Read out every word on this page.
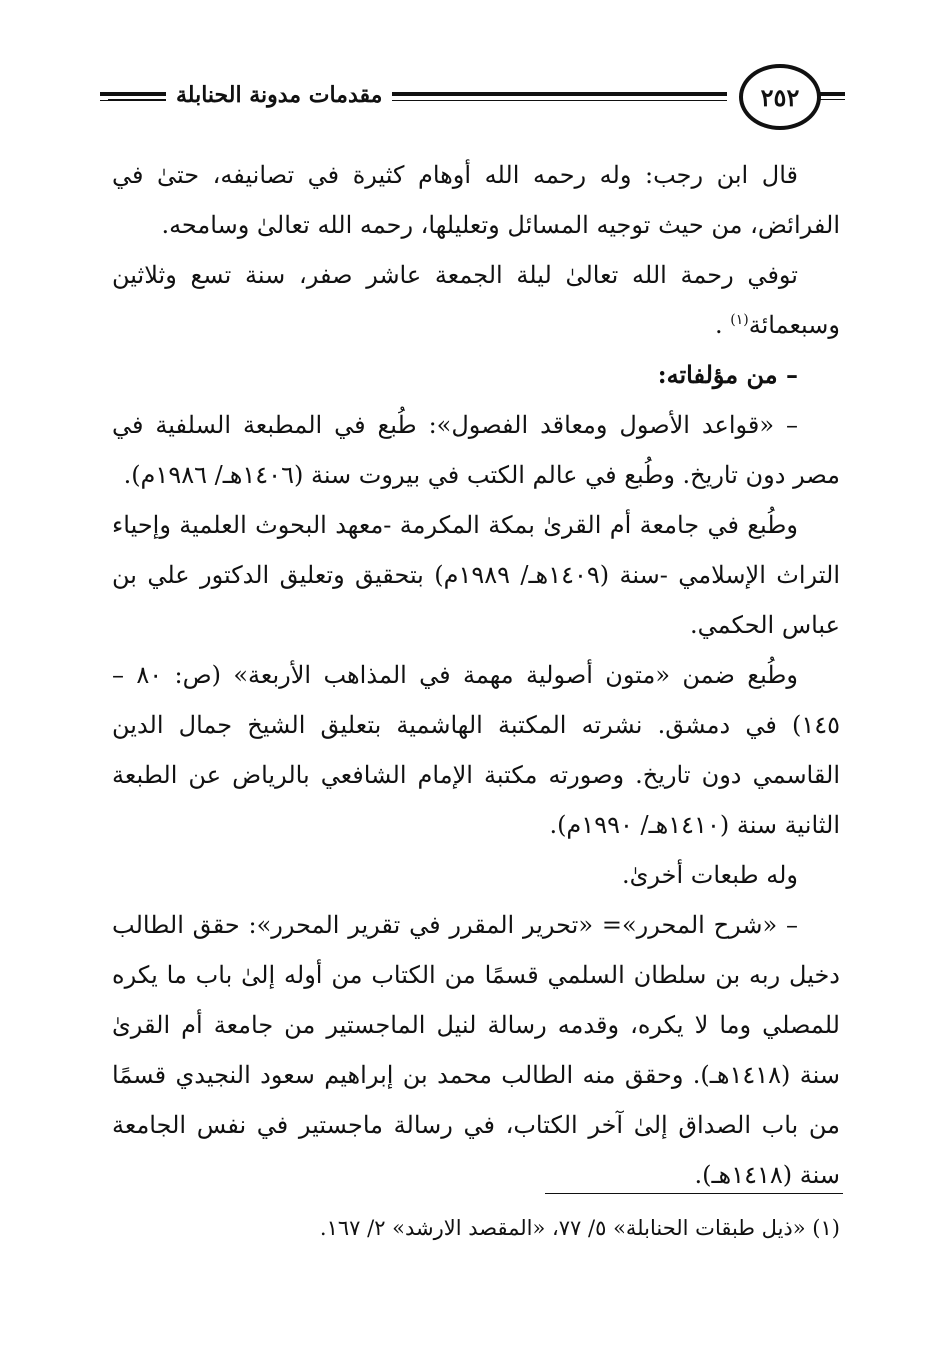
مقدمات مدونة الحنابلة	٢٥٢

قال ابن رجب: وله رحمه الله أوهام كثيرة في تصانيفه، حتىٰ في الفرائض، من حيث توجيه المسائل وتعليلها، رحمه الله تعالىٰ وسامحه.

توفي رحمة الله تعالىٰ ليلة الجمعة عاشر صفر، سنة تسع وثلاثين وسبعمائة$^{(١)}$ .

– من مؤلفاته:

– «قواعد الأصول ومعاقد الفصول»: طُبع في المطبعة السلفية في مصر دون تاريخ. وطُبع في عالم الكتب في بيروت سنة (١٤٠٦هـ/ ١٩٨٦م).

وطُبع في جامعة أم القرىٰ بمكة المكرمة -معهد البحوث العلمية وإحياء التراث الإسلامي -سنة (١٤٠٩هـ/ ١٩٨٩م) بتحقيق وتعليق الدكتور علي بن عباس الحكمي.

وطُبع ضمن «متون أصولية مهمة في المذاهب الأربعة» (ص: ٨٠ – ١٤٥) في دمشق. نشرته المكتبة الهاشمية بتعليق الشيخ جمال الدين القاسمي دون تاريخ. وصورته مكتبة الإمام الشافعي بالرياض عن الطبعة الثانية سنة (١٤١٠هـ/ ١٩٩٠م).

وله طبعات أخرىٰ.

– «شرح المحرر»= «تحرير المقرر في تقرير المحرر»: حقق الطالب دخيل ربه بن سلطان السلمي قسمًا من الكتاب من أوله إلىٰ باب ما يكره للمصلي وما لا يكره، وقدمه رسالة لنيل الماجستير من جامعة أم القرىٰ سنة (١٤١٨هـ). وحقق منه الطالب محمد بن إبراهيم سعود النجيدي قسمًا من باب الصداق إلىٰ آخر الكتاب، في رسالة ماجستير في نفس الجامعة سنة (١٤١٨هـ).

(١) «ذيل طبقات الحنابلة» ٥/ ٧٧، «المقصد الارشد» ٢/ ١٦٧.
